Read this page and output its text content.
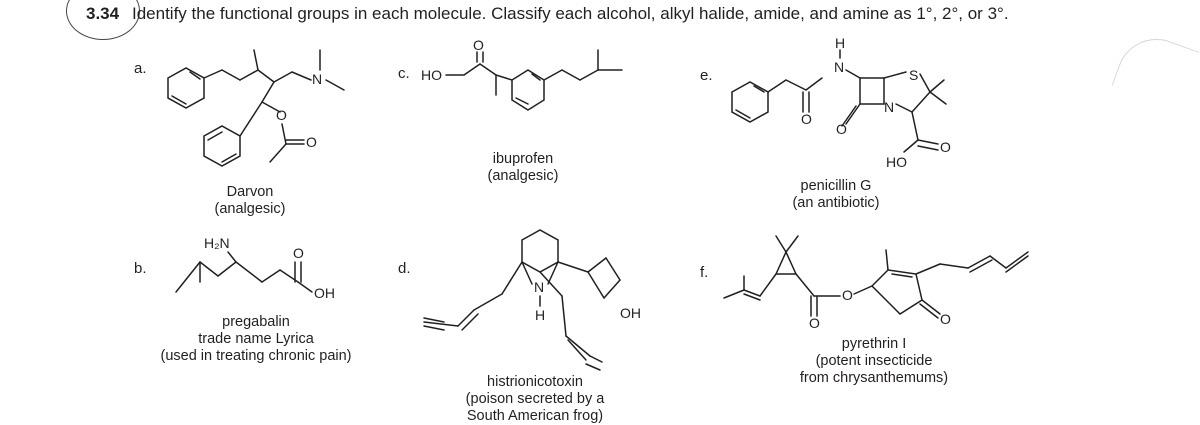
3.34 Identify the functional groups in each molecule. Classify each alcohol, alkyl halide, amide, and amine as 1°, 2°, or 3°.
N
O
O
H₂N
O
OH
HO
O
N
H	OH
O
H
N
O
S
N
HO
O
O
O
O
a.
b.
c.
d.
e.
f.
Darvon
(analgesic)
pregabalin
trade name Lyrica
(used in treating chronic pain)
ibuprofen
(analgesic)
histrionicotoxin
(poison secreted by a
South American frog)
penicillin G
(an antibiotic)
pyrethrin I
(potent insecticide
from chrysanthemums)
